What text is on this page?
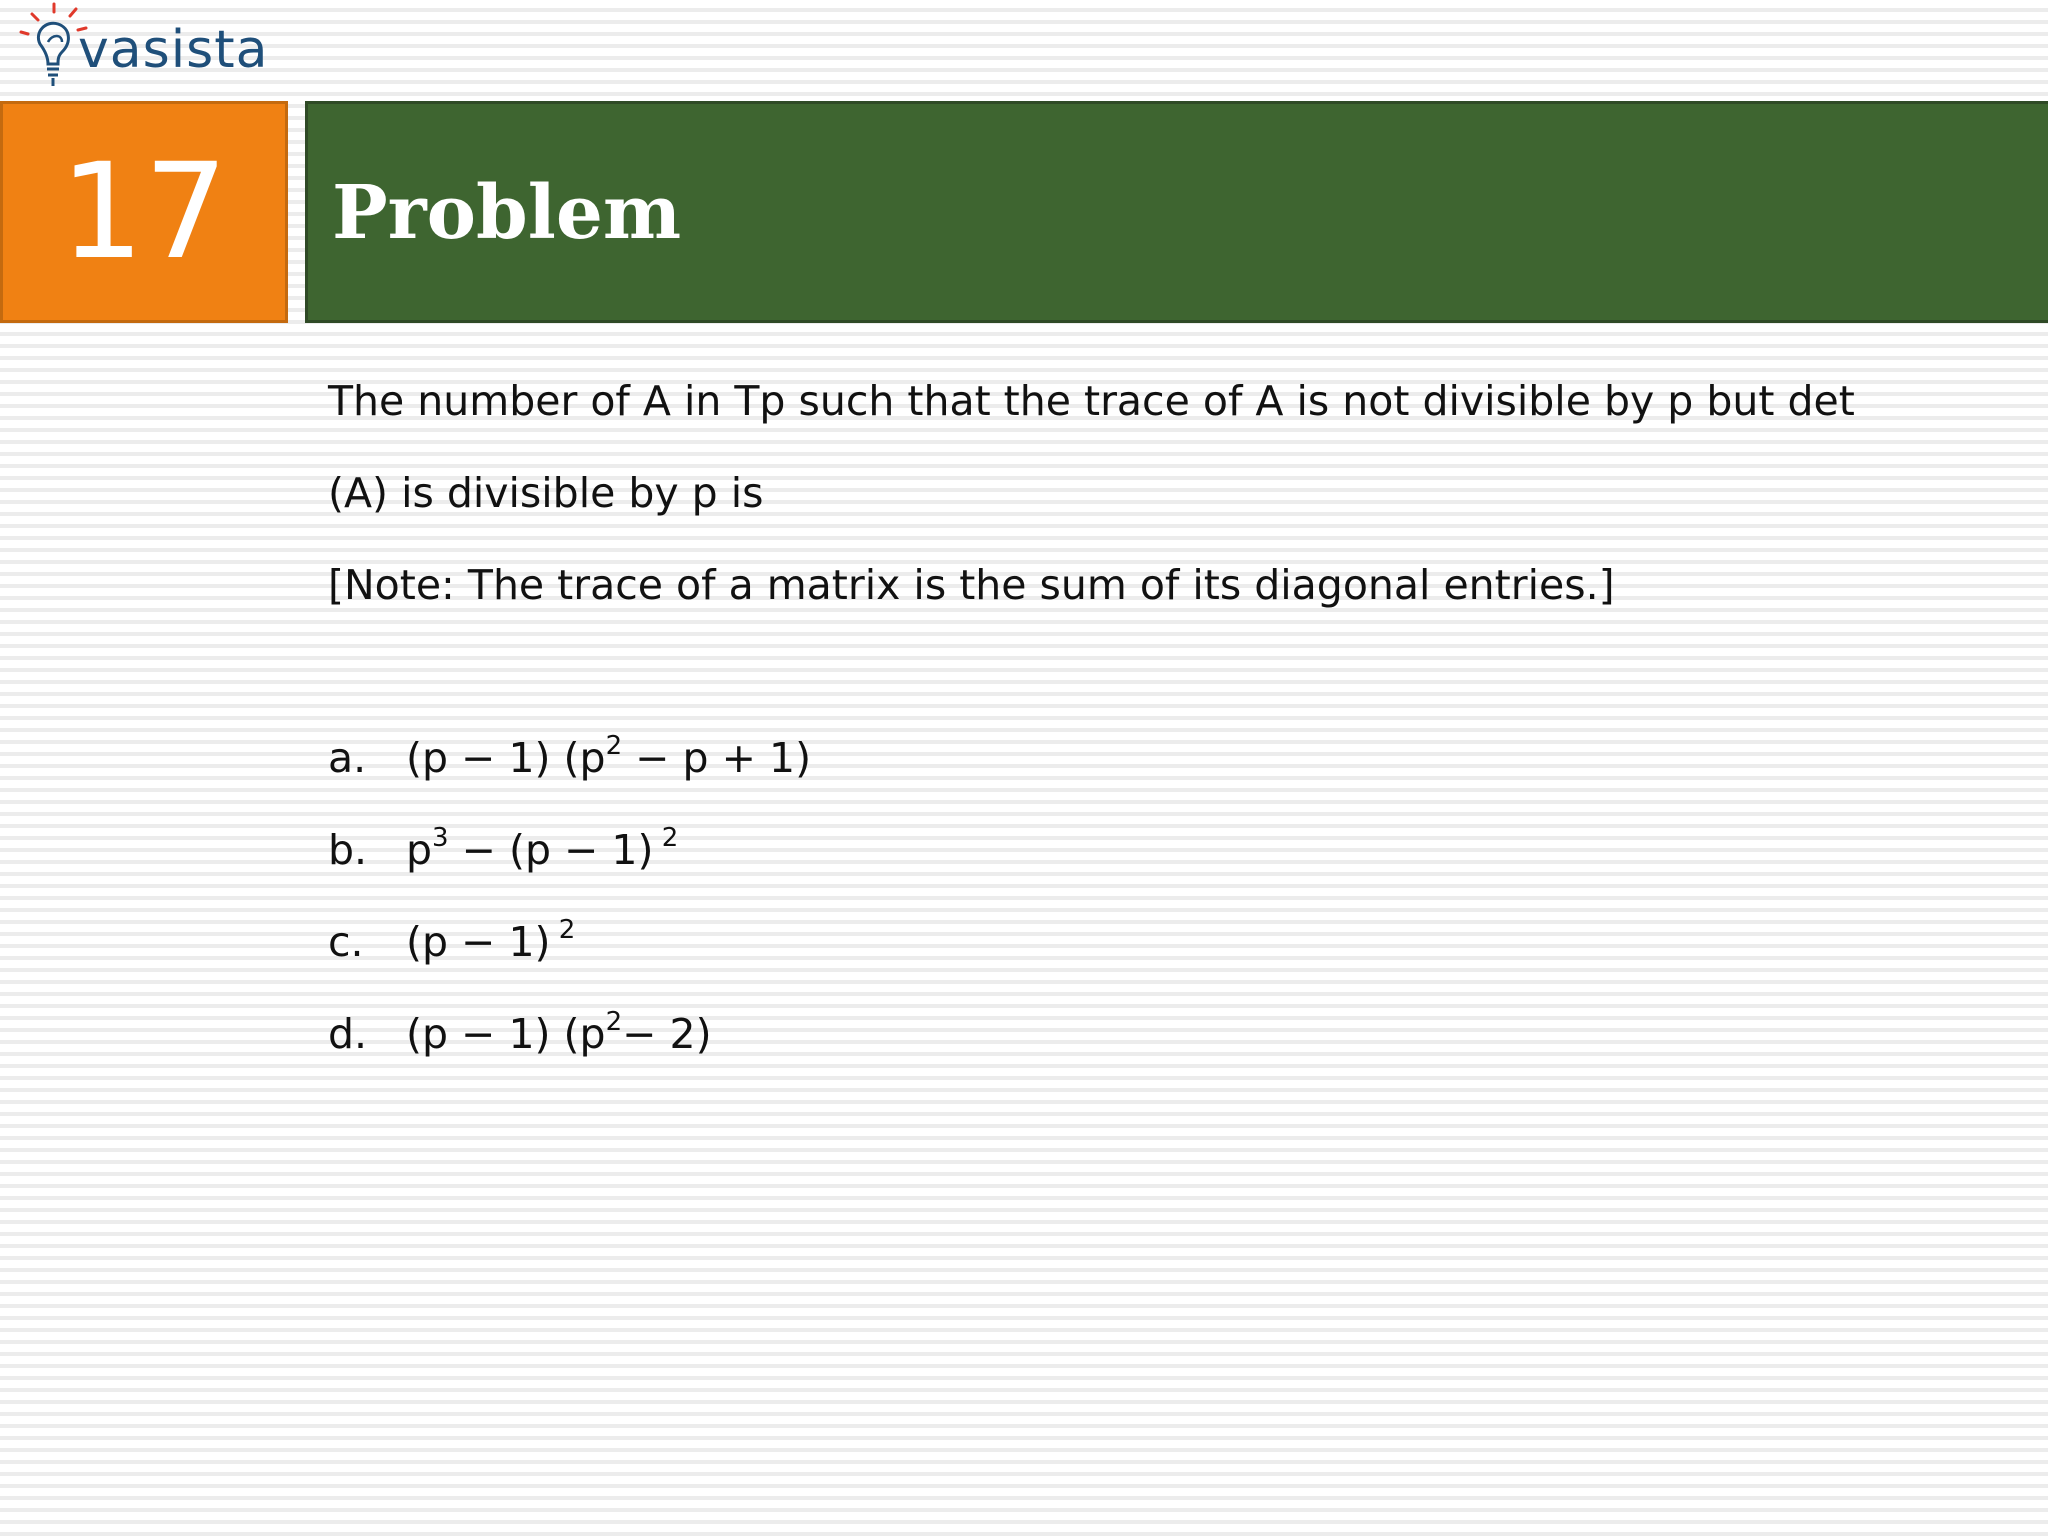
vasista
17 Problem

The number of A in Tp such that the trace of A is not divisible by p but det

(A) is divisible by p is

[Note: The trace of a matrix is the sum of its diagonal entries.]

a. (p − 1) $(p^2 - p + 1)$
b. $p^3 - (p - 1)$ $^2$
c. (p − 1) $^2$
d. (p − 1) $(p^2- 2)$
